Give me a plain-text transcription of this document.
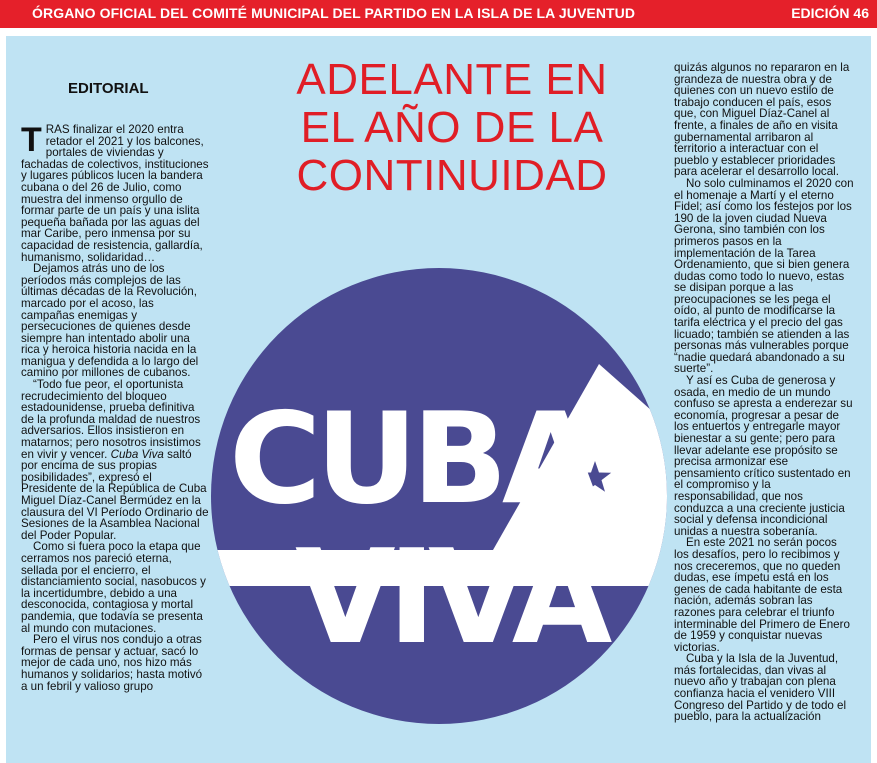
ÓRGANO OFICIAL DEL COMITÉ MUNICIPAL DEL PARTIDO EN LA ISLA DE LA JUVENTUD	EDICIÓN 46
CUBA
VIVA
EDITORIAL	ADELANTE EN
EL AÑO DE LA
CONTINUIDAD

TRAS finalizar el 2020 entra retador el 2021 y los balcones, portales de viviendas y fachadas de colectivos, instituciones y lugares públicos lucen la bandera cubana o del 26 de Julio, como muestra del inmenso orgullo de formar parte de un país y una islita pequeña bañada por las aguas del mar Caribe, pero inmensa por su capacidad de resistencia, gallardía, humanismo, solidaridad…

Dejamos atrás uno de los períodos más complejos de las últimas décadas de la Revolución, marcado por el acoso, las campañas enemigas y persecuciones de quienes desde siempre han intentado abolir una rica y heroica historia nacida en la manigua y defendida a lo largo del camino por millones de cubanos.

“Todo fue peor, el oportunista recrudecimiento del bloqueo estadounidense, prueba definitiva de la profunda maldad de nuestros adversarios. Ellos insistieron en matarnos; pero nosotros insistimos en vivir y vencer. Cuba Viva saltó por encima de sus propias posibilidades”, expresó el Presidente de la República de Cuba Miguel Díaz-Canel Bermúdez en la clausura del VI Período Ordinario de Sesiones de la Asamblea Nacional del Poder Popular.

Como si fuera poco la etapa que cerramos nos pareció eterna, sellada por el encierro, el distanciamiento social, nasobucos y la incertidumbre, debido a una desconocida, contagiosa y mortal pandemia, que todavía se presenta al mundo con mutaciones.

Pero el virus nos condujo a otras formas de pensar y actuar, sacó lo mejor de cada uno, nos hizo más humanos y solidarios; hasta motivó a un febril y valioso grupo

quizás algunos no repararon en la grandeza de nuestra obra y de quienes con un nuevo estilo de trabajo conducen el país, esos que, con Miguel Díaz-Canel al frente, a finales de año en visita gubernamental arribaron al territorio a interactuar con el pueblo y establecer prioridades para acelerar el desarrollo local.

No solo culminamos el 2020 con el homenaje a Martí y el eterno Fidel; así como los festejos por los 190 de la joven ciudad Nueva Gerona, sino también con los primeros pasos en la implementación de la Tarea Ordenamiento, que si bien genera dudas como todo lo nuevo, estas se disipan porque a las preocupaciones se les pega el oído, al punto de modificarse la tarifa eléctrica y el precio del gas licuado; también se atienden a las personas más vulnerables porque “nadie quedará abandonado a su suerte”.

Y así es Cuba de generosa y osada, en medio de un mundo confuso se apresta a enderezar su economía, progresar a pesar de los entuertos y entregarle mayor bienestar a su gente; pero para llevar adelante ese propósito se precisa armonizar ese pensamiento crítico sustentado en el compromiso y la responsabilidad, que nos conduzca a una creciente justicia social y defensa incondicional unidas a nuestra soberanía.

En este 2021 no serán pocos los desafíos, pero lo recibimos y nos creceremos, que no queden dudas, ese ímpetu está en los genes de cada habitante de esta nación, además sobran las razones para celebrar el triunfo interminable del Primero de Enero de 1959 y conquistar nuevas victorias.

Cuba y la Isla de la Juventud, más fortalecidas, dan vivas al nuevo año y trabajan con plena confianza hacia el venidero VIII Congreso del Partido y de todo el pueblo, para la actualización
